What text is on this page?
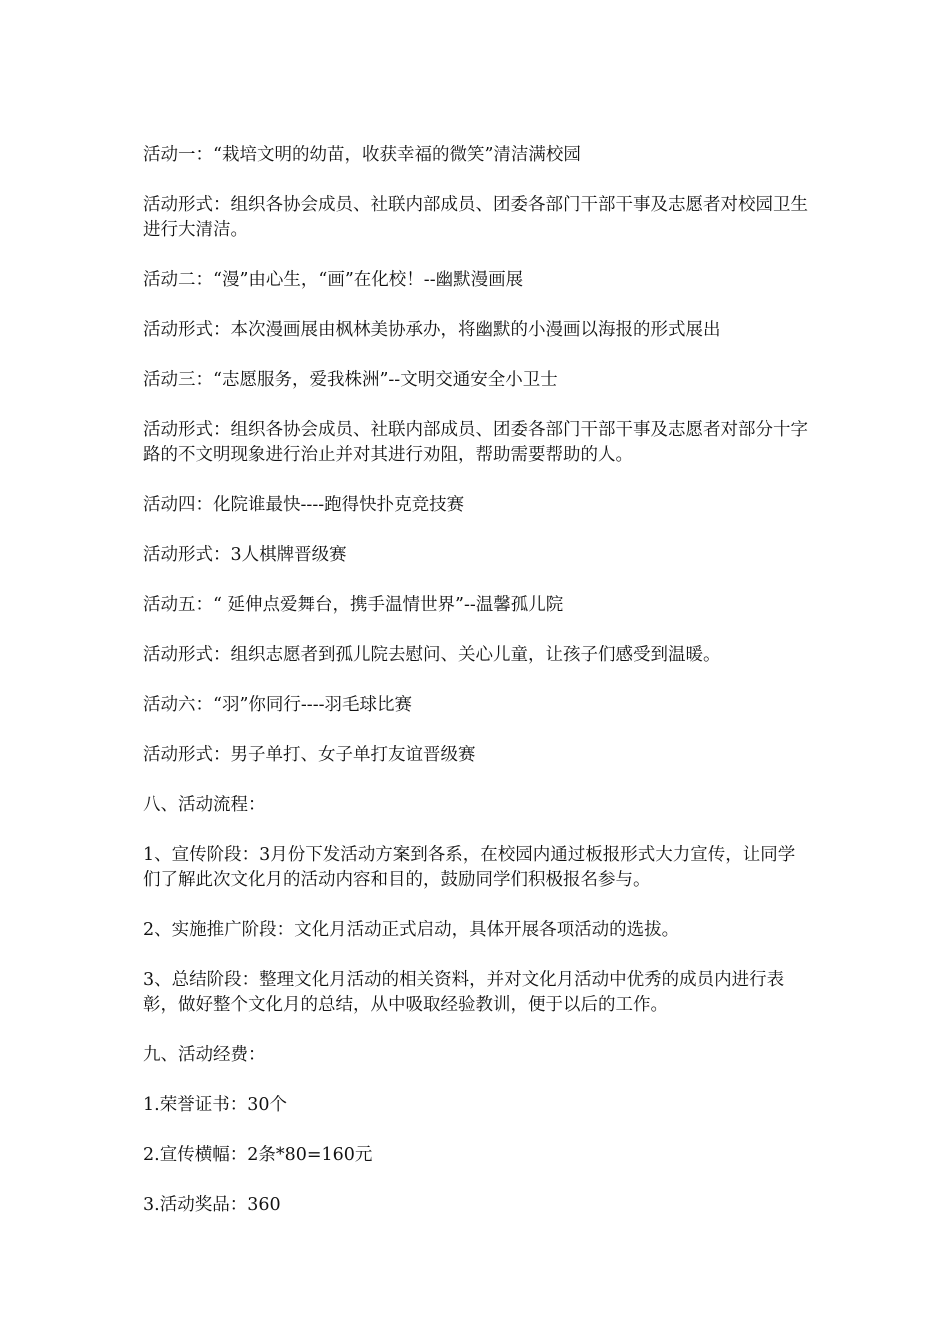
活动一：“栽培文明的幼苗，收获幸福的微笑”清洁满校园

活动形式：组织各协会成员、社联内部成员、团委各部门干部干事及志愿者对校园卫生进行大清洁。

活动二：“漫”由心生，“画”在化校！--幽默漫画展

活动形式：本次漫画展由枫林美协承办，将幽默的小漫画以海报的形式展出

活动三：“志愿服务，爱我株洲”--文明交通安全小卫士

活动形式：组织各协会成员、社联内部成员、团委各部门干部干事及志愿者对部分十字路的不文明现象进行治止并对其进行劝阻，帮助需要帮助的人。

活动四：化院谁最快----跑得快扑克竞技赛

活动形式：3人棋牌晋级赛

活动五：“ 延伸点爱舞台，携手温情世界”--温馨孤儿院

活动形式：组织志愿者到孤儿院去慰问、关心儿童，让孩子们感受到温暖。

活动六：“羽”你同行----羽毛球比赛

活动形式：男子单打、女子单打友谊晋级赛

八、活动流程：

1、宣传阶段：3月份下发活动方案到各系，在校园内通过板报形式大力宣传，让同学们了解此次文化月的活动内容和目的，鼓励同学们积极报名参与。

2、实施推广阶段：文化月活动正式启动，具体开展各项活动的选拔。

3、总结阶段：整理文化月活动的相关资料，并对文化月活动中优秀的成员内进行表彰，做好整个文化月的总结，从中吸取经验教训，便于以后的工作。

九、活动经费：

1.荣誉证书：30个

2.宣传横幅：2条*80=160元

3.活动奖品：360
